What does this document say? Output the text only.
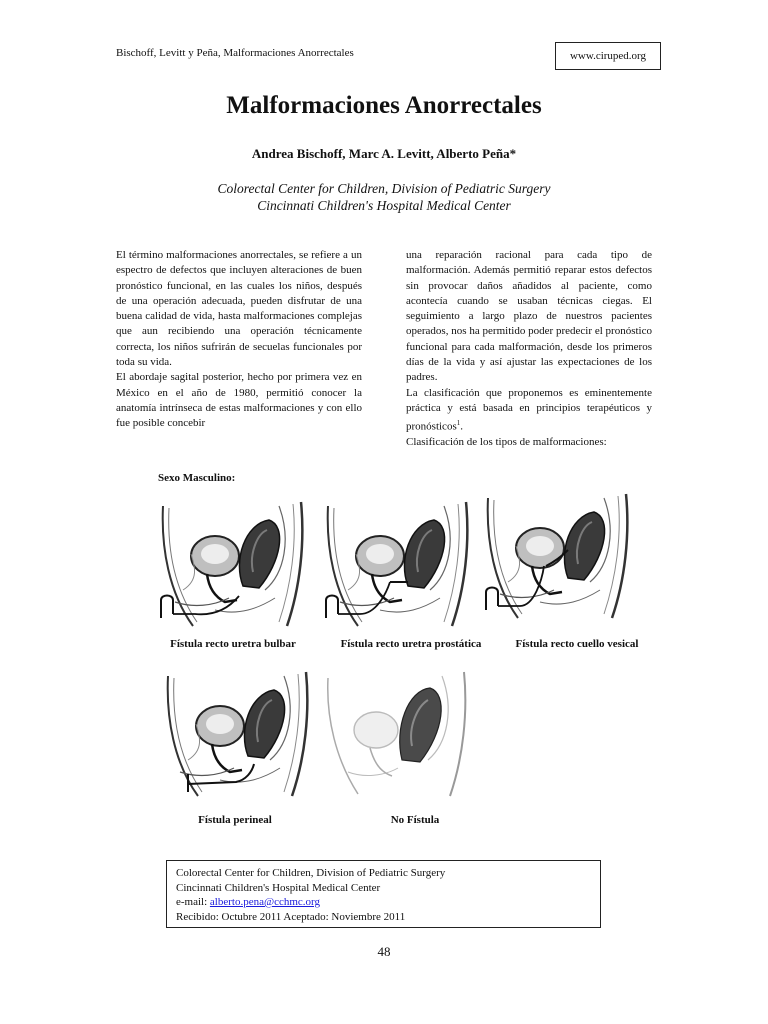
Bischoff, Levitt y Peña, Malformaciones Anorrectales	www.ciruped.org
Malformaciones Anorrectales
Andrea Bischoff, Marc A. Levitt, Alberto Peña*
Colorectal Center for Children, Division of Pediatric Surgery
Cincinnati Children's Hospital Medical Center

El término malformaciones anorrectales, se refiere a un espectro de defectos que incluyen alteraciones de buen pronóstico funcional, en las cuales los niños, después de una operación adecuada, pueden disfrutar de una buena calidad de vida, hasta malformaciones complejas que aun recibiendo una operación técnicamente correcta, los niños sufrirán de secuelas funcionales por toda su vida.

El abordaje sagital posterior, hecho por primera vez en México en el año de 1980, permitió conocer la anatomía intrínseca de estas malformaciones y con ello fue posible concebir

una reparación racional para cada tipo de malformación. Además permitió reparar estos defectos sin provocar daños añadidos al paciente, como acontecía cuando se usaban técnicas ciegas. El seguimiento a largo plazo de nuestros pacientes operados, nos ha permitido poder predecir el pronóstico funcional para cada malformación, desde los primeros días de la vida y así ajustar las expectaciones de los padres.

La clasificación que proponemos es eminentemente práctica y está basada en principios terapéuticos y pronósticos$^1$.

Clasificación de los tipos de malformaciones:

Sexo Masculino:
Fístula recto uretra bulbar	Fístula recto uretra prostática	Fístula recto cuello vesical
Fístula perineal	No Fístula
Colorectal Center for Children, Division of Pediatric Surgery
Cincinnati Children's Hospital Medical Center
e-mail: alberto.pena@cchmc.org
Recibido: Octubre 2011 Aceptado: Noviembre 2011
48
